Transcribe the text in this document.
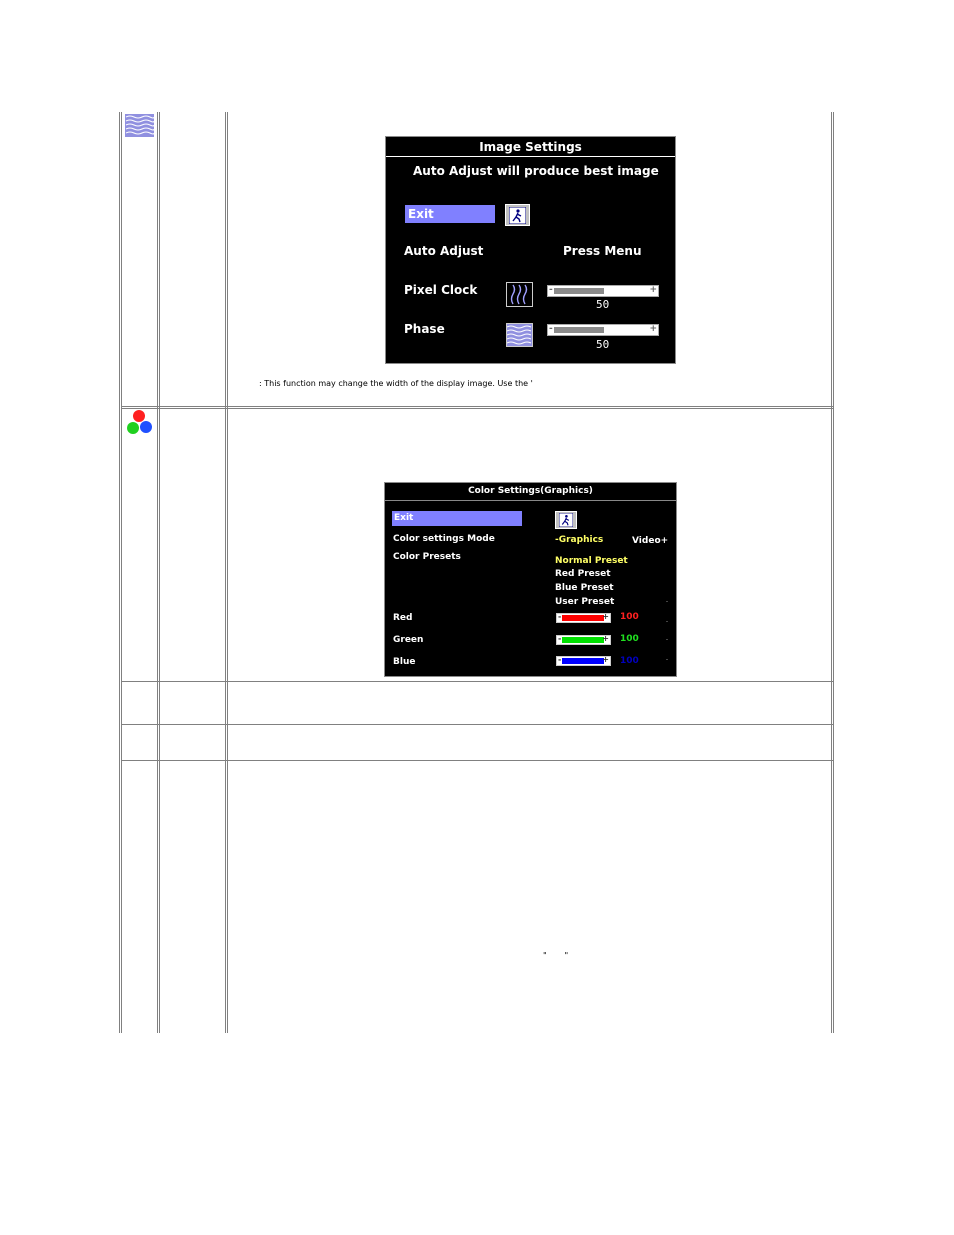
Image Settings
Auto Adjust will produce best image
Exit
Auto Adjust	Press Menu
Pixel Clock	-	+
50
Phase	-	+
50
: This function may change the width of the display image. Use the '
Color Settings(Graphics)
Exit
Color settings Mode	-Graphics	Video+
Color Presets	Normal Preset
Red Preset
Blue Preset
User Preset
Red	-	+ 100
Green	-	+ 100
Blue	-	+ 100
"       "
